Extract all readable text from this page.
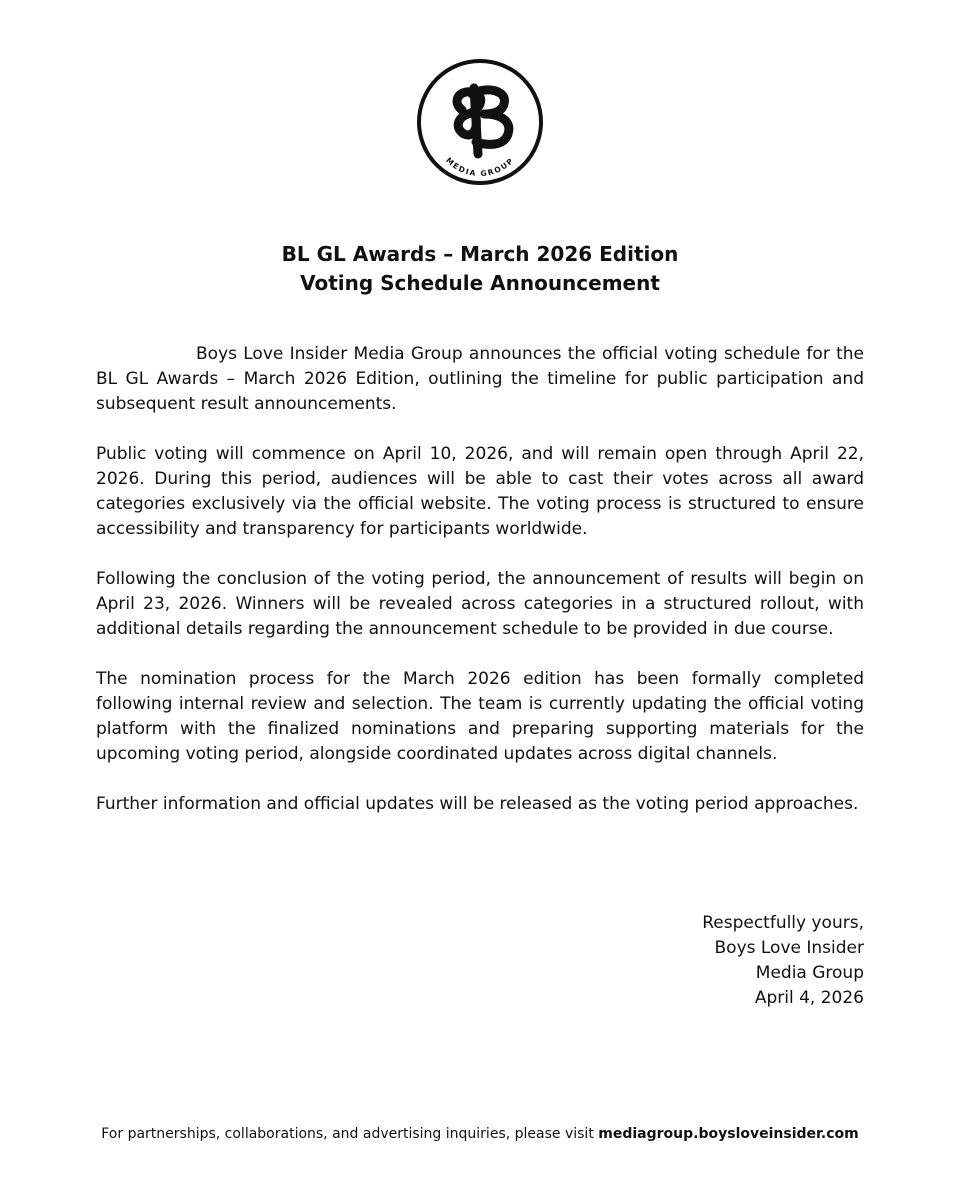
MEDIA GROUP
BL GL Awards – March 2026 Edition
Voting Schedule Announcement

Boys Love Insider Media Group announces the official voting schedule for the BL GL Awards – March 2026 Edition, outlining the timeline for public participation and subsequent result announcements.

Public voting will commence on April 10, 2026, and will remain open through April 22, 2026. During this period, audiences will be able to cast their votes across all award categories exclusively via the official website. The voting process is structured to ensure accessibility and transparency for participants worldwide.

Following the conclusion of the voting period, the announcement of results will begin on April 23, 2026. Winners will be revealed across categories in a structured rollout, with additional details regarding the announcement schedule to be provided in due course.

The nomination process for the March 2026 edition has been formally completed following internal review and selection. The team is currently updating the official voting platform with the finalized nominations and preparing supporting materials for the upcoming voting period, alongside coordinated updates across digital channels.

Further information and official updates will be released as the voting period approaches.

Respectfully yours,
Boys Love Insider
Media Group
April 4, 2026
For partnerships, collaborations, and advertising inquiries, please visit mediagroup.boysloveinsider.com
